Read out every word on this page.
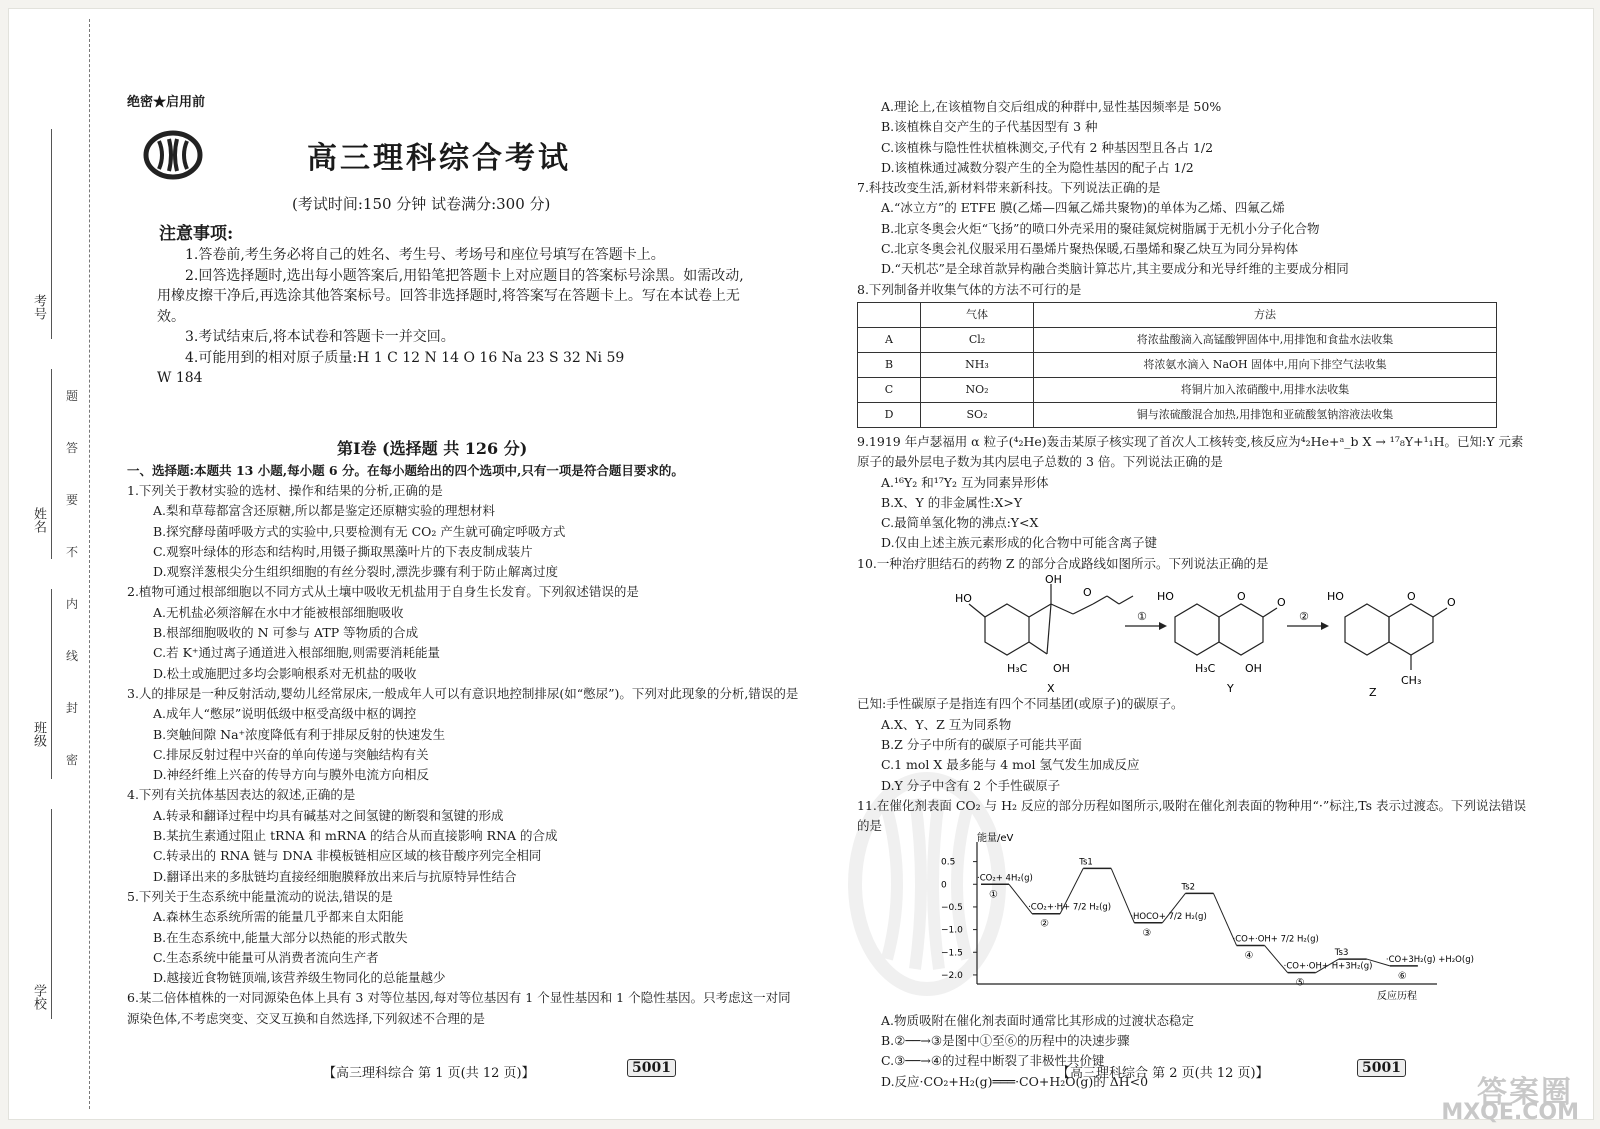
考号
姓名
班级
学校
题
答
要
不
内
线
封
密
绝密★启用前
高三理科综合考试
(考试时间:150 分钟 试卷满分:300 分)
注意事项:

1.答卷前,考生务必将自己的姓名、考生号、考场号和座位号填写在答题卡上。

2.回答选择题时,选出每小题答案后,用铅笔把答题卡上对应题目的答案标号涂黑。如需改动,用橡皮擦干净后,再选涂其他答案标号。回答非选择题时,将答案写在答题卡上。写在本试卷上无效。

3.考试结束后,将本试卷和答题卡一并交回。

4.可能用到的相对原子质量:H 1 C 12 N 14 O 16 Na 23 S 32 Ni 59

W 184

第Ⅰ卷 (选择题 共 126 分)
一、选择题:本题共 13 小题,每小题 6 分。在每小题给出的四个选项中,只有一项是符合题目要求的。

1.下列关于教材实验的选材、操作和结果的分析,正确的是

A.梨和草莓都富含还原糖,所以都是鉴定还原糖实验的理想材料

B.探究酵母菌呼吸方式的实验中,只要检测有无 CO₂ 产生就可确定呼吸方式

C.观察叶绿体的形态和结构时,用镊子撕取黑藻叶片的下表皮制成装片

D.观察洋葱根尖分生组织细胞的有丝分裂时,漂洗步骤有利于防止解离过度

2.植物可通过根部细胞以不同方式从土壤中吸收无机盐用于自身生长发育。下列叙述错误的是

A.无机盐必须溶解在水中才能被根部细胞吸收

B.根部细胞吸收的 N 可参与 ATP 等物质的合成

C.若 K⁺通过离子通道进入根部细胞,则需要消耗能量

D.松土或施肥过多均会影响根系对无机盐的吸收

3.人的排尿是一种反射活动,婴幼儿经常尿床,一般成年人可以有意识地控制排尿(如“憋尿”)。下列对此现象的分析,错误的是

A.成年人“憋尿”说明低级中枢受高级中枢的调控

B.突触间隙 Na⁺浓度降低有利于排尿反射的快速发生

C.排尿反射过程中兴奋的单向传递与突触结构有关

D.神经纤维上兴奋的传导方向与膜外电流方向相反

4.下列有关抗体基因表达的叙述,正确的是

A.转录和翻译过程中均具有碱基对之间氢键的断裂和氢键的形成

B.某抗生素通过阻止 tRNA 和 mRNA 的结合从而直接影响 RNA 的合成

C.转录出的 RNA 链与 DNA 非模板链相应区域的核苷酸序列完全相同

D.翻译出来的多肽链均直接经细胞膜释放出来后与抗原特异性结合

5.下列关于生态系统中能量流动的说法,错误的是

A.森林生态系统所需的能量几乎都来自太阳能

B.在生态系统中,能量大部分以热能的形式散失

C.生态系统中能量可从消费者流向生产者

D.越接近食物链顶端,该营养级生物同化的总能量越少

6.某二倍体植株的一对同源染色体上具有 3 对等位基因,每对等位基因有 1 个显性基因和 1 个隐性基因。只考虑这一对同源染色体,不考虑突变、交叉互换和自然选择,下列叙述不合理的是

【高三理科综合 第 1 页(共 12 页)】	5001

A.理论上,在该植物自交后组成的种群中,显性基因频率是 50%

B.该植株自交产生的子代基因型有 3 种

C.该植株与隐性性状植株测交,子代有 2 种基因型且各占 1/2

D.该植株通过减数分裂产生的全为隐性基因的配子占 1/2

7.科技改变生活,新材料带来新科技。下列说法正确的是

A.“冰立方”的 ETFE 膜(乙烯—四氟乙烯共聚物)的单体为乙烯、四氟乙烯

B.北京冬奥会火炬“飞扬”的喷口外壳采用的聚硅氮烷树脂属于无机小分子化合物

C.北京冬奥会礼仪服采用石墨烯片聚热保暖,石墨烯和聚乙炔互为同分异构体

D.“天机芯”是全球首款异构融合类脑计算芯片,其主要成分和光导纤维的主要成分相同

8.下列制备并收集气体的方法不可行的是

	气体	方法
A	Cl₂	将浓盐酸滴入高锰酸钾固体中,用排饱和食盐水法收集
B	NH₃	将浓氨水滴入 NaOH 固体中,用向下排空气法收集
C	NO₂	将铜片加入浓硝酸中,用排水法收集
D	SO₂	铜与浓硫酸混合加热,用排饱和亚硫酸氢钠溶液法收集

9.1919 年卢瑟福用 α 粒子(⁴₂He)轰击某原子核实现了首次人工核转变,核反应为⁴₂He+ᵃ_b X → ¹⁷₈Y+¹₁H。已知:Y 元素原子的最外层电子数为其内层电子总数的 3 倍。下列说法正确的是

A.¹⁶Y₂ 和¹⁷Y₂ 互为同素异形体

B.X、Y 的非金属性:X>Y

C.最简单氢化物的沸点:Y<X

D.仅由上述主族元素形成的化合物中可能含离子键

10.一种治疗胆结石的药物 Z 的部分合成路线如图所示。下列说法正确的是

HO
OH
O
H₃C OH
X
①
HO	O	O
H₃C	OH
Y
②
HO	O	O
CH₃
Z

已知:手性碳原子是指连有四个不同基团(或原子)的碳原子。

A.X、Y、Z 互为同系物

B.Z 分子中所有的碳原子可能共平面

C.1 mol X 最多能与 4 mol 氢气发生加成反应

D.Y 分子中含有 2 个手性碳原子

11.在催化剂表面 CO₂ 与 H₂ 反应的部分历程如图所示,吸附在催化剂表面的物种用“·”标注,Ts 表示过渡态。下列说法错误的是

能量/eV
反应历程
0.5
0
−0.5
−1.0
−1.5
−2.0
·CO₂+ 4H₂(g)
①
·CO₂+·H+ 7/2 H₂(g)
②
Ts1
·HOCO+ 7/2 H₂(g)
③
Ts2
·CO+·OH+ 7/2 H₂(g)
④
·CO+·OH+ H+3H₂(g)
⑤
Ts3
·CO+3H₂(g) +H₂O(g)
⑥

A.物质吸附在催化剂表面时通常比其形成的过渡状态稳定

B.②──→③是图中①至⑥的历程中的决速步骤

C.③──→④的过程中断裂了非极性共价键

D.反应·CO₂+H₂(g)═══·CO+H₂O(g)的 ΔH<0

【高三理科综合 第 2 页(共 12 页)】	5001
答案圈
MXQE.COM
